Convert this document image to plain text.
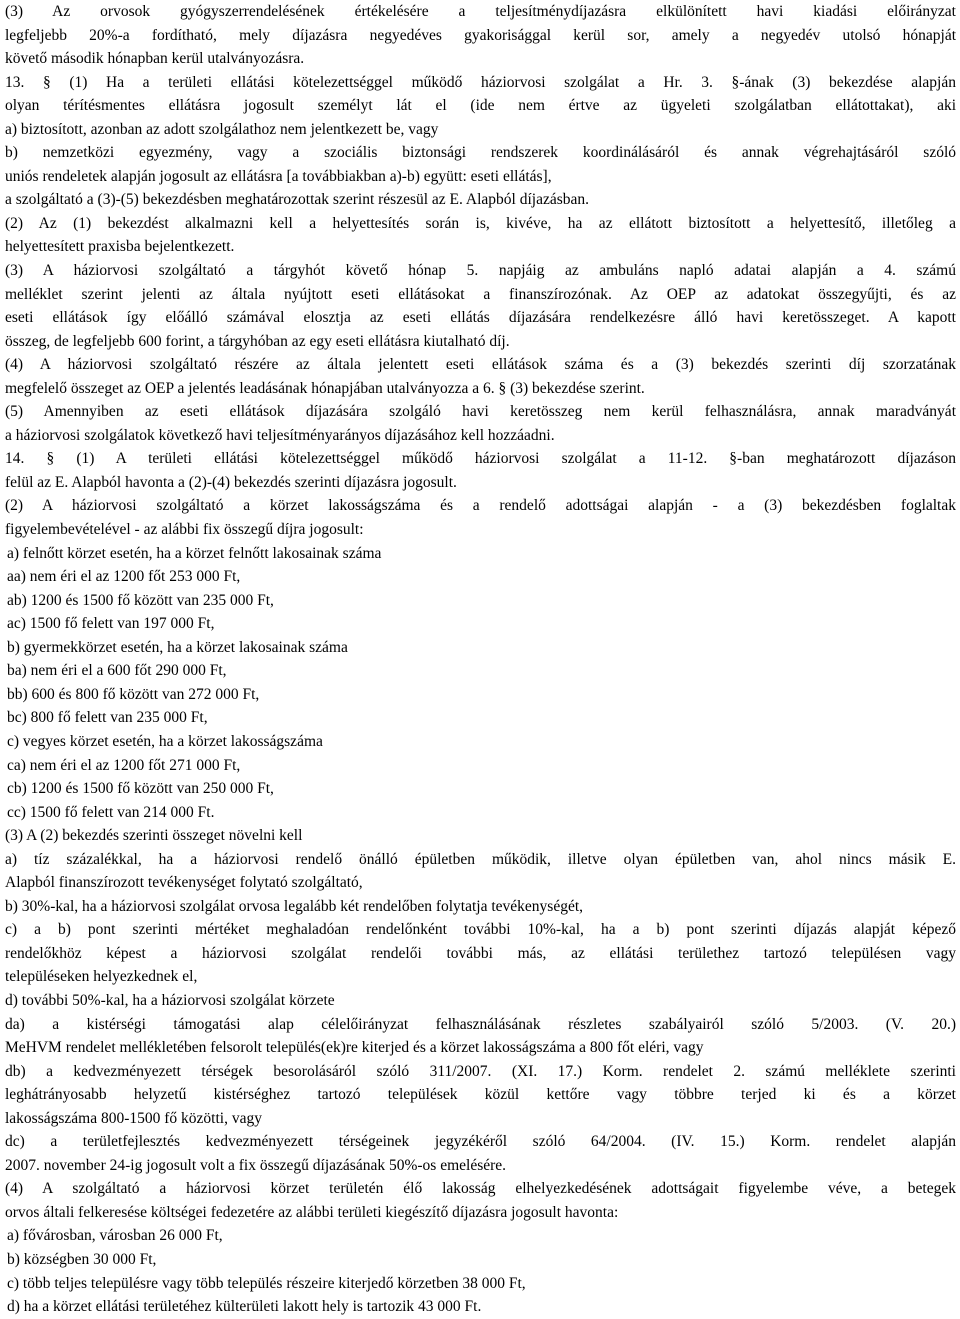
(3) Az orvosok gyógyszerrendelésének értékelésére a teljesítménydíjazásra elkülönített havi kiadási előirányzat
legfeljebb 20%-a fordítható, mely díjazásra negyedéves gyakorisággal kerül sor, amely a negyedév utolsó hónapját
követő második hónapban kerül utalványozásra.
13. § (1) Ha a területi ellátási kötelezettséggel működő háziorvosi szolgálat a Hr. 3. §-ának (3) bekezdése alapján
olyan térítésmentes ellátásra jogosult személyt lát el (ide nem értve az ügyeleti szolgálatban ellátottakat), aki
a) biztosított, azonban az adott szolgálathoz nem jelentkezett be, vagy
b) nemzetközi egyezmény, vagy a szociális biztonsági rendszerek koordinálásáról és annak végrehajtásáról szóló
uniós rendeletek alapján jogosult az ellátásra [a továbbiakban a)-b) együtt: eseti ellátás],
a szolgáltató a (3)-(5) bekezdésben meghatározottak szerint részesül az E. Alapból díjazásban.
(2) Az (1) bekezdést alkalmazni kell a helyettesítés során is, kivéve, ha az ellátott biztosított a helyettesítő, illetőleg a
helyettesített praxisba bejelentkezett.
(3) A háziorvosi szolgáltató a tárgyhót követő hónap 5. napjáig az ambuláns napló adatai alapján a 4. számú
melléklet szerint jelenti az általa nyújtott eseti ellátásokat a finanszírozónak. Az OEP az adatokat összegyűjti, és az
eseti ellátások így előálló számával elosztja az eseti ellátás díjazására rendelkezésre álló havi keretösszeget. A kapott
összeg, de legfeljebb 600 forint, a tárgyhóban az egy eseti ellátásra kiutalható díj.
(4) A háziorvosi szolgáltató részére az általa jelentett eseti ellátások száma és a (3) bekezdés szerinti díj szorzatának
megfelelő összeget az OEP a jelentés leadásának hónapjában utalványozza a 6. § (3) bekezdése szerint.
(5) Amennyiben az eseti ellátások díjazására szolgáló havi keretösszeg nem kerül felhasználásra, annak maradványát
a háziorvosi szolgálatok következő havi teljesítményarányos díjazásához kell hozzáadni.
14. § (1) A területi ellátási kötelezettséggel működő háziorvosi szolgálat a 11-12. §-ban meghatározott díjazáson
felül az E. Alapból havonta a (2)-(4) bekezdés szerinti díjazásra jogosult.
(2) A háziorvosi szolgáltató a körzet lakosságszáma és a rendelő adottságai alapján - a (3) bekezdésben foglaltak
figyelembevételével - az alábbi fix összegű díjra jogosult:
a) felnőtt körzet esetén, ha a körzet felnőtt lakosainak száma
aa) nem éri el az 1200 főt 253 000 Ft,
ab) 1200 és 1500 fő között van 235 000 Ft,
ac) 1500 fő felett van 197 000 Ft,
b) gyermekkörzet esetén, ha a körzet lakosainak száma
ba) nem éri el a 600 főt 290 000 Ft,
bb) 600 és 800 fő között van 272 000 Ft,
bc) 800 fő felett van 235 000 Ft,
c) vegyes körzet esetén, ha a körzet lakosságszáma
ca) nem éri el az 1200 főt 271 000 Ft,
cb) 1200 és 1500 fő között van 250 000 Ft,
cc) 1500 fő felett van 214 000 Ft.
(3) A (2) bekezdés szerinti összeget növelni kell
a) tíz százalékkal, ha a háziorvosi rendelő önálló épületben működik, illetve olyan épületben van, ahol nincs másik E.
Alapból finanszírozott tevékenységet folytató szolgáltató,
b) 30%-kal, ha a háziorvosi szolgálat orvosa legalább két rendelőben folytatja tevékenységét,
c) a b) pont szerinti mértéket meghaladóan rendelőnként további 10%-kal, ha a b) pont szerinti díjazás alapját képező
rendelőkhöz képest a háziorvosi szolgálat rendelői további más, az ellátási területhez tartozó településen vagy
településeken helyezkednek el,
d) további 50%-kal, ha a háziorvosi szolgálat körzete
da) a kistérségi támogatási alap célelőirányzat felhasználásának részletes szabályairól szóló 5/2003. (V. 20.)
MeHVM rendelet mellékletében felsorolt település(ek)re kiterjed és a körzet lakosságszáma a 800 főt eléri, vagy
db) a kedvezményezett térségek besorolásáról szóló 311/2007. (XI. 17.) Korm. rendelet 2. számú melléklete szerinti
leghátrányosabb helyzetű kistérséghez tartozó települések közül kettőre vagy többre terjed ki és a körzet
lakosságszáma 800-1500 fő közötti, vagy
dc) a területfejlesztés kedvezményezett térségeinek jegyzékéről szóló 64/2004. (IV. 15.) Korm. rendelet alapján
2007. november 24-ig jogosult volt a fix összegű díjazásának 50%-os emelésére.
(4) A szolgáltató a háziorvosi körzet területén élő lakosság elhelyezkedésének adottságait figyelembe véve, a betegek
orvos általi felkeresése költségei fedezetére az alábbi területi kiegészítő díjazásra jogosult havonta:
a) fővárosban, városban 26 000 Ft,
b) községben 30 000 Ft,
c) több teljes településre vagy több település részeire kiterjedő körzetben 38 000 Ft,
d) ha a körzet ellátási területéhez külterületi lakott hely is tartozik 43 000 Ft.
